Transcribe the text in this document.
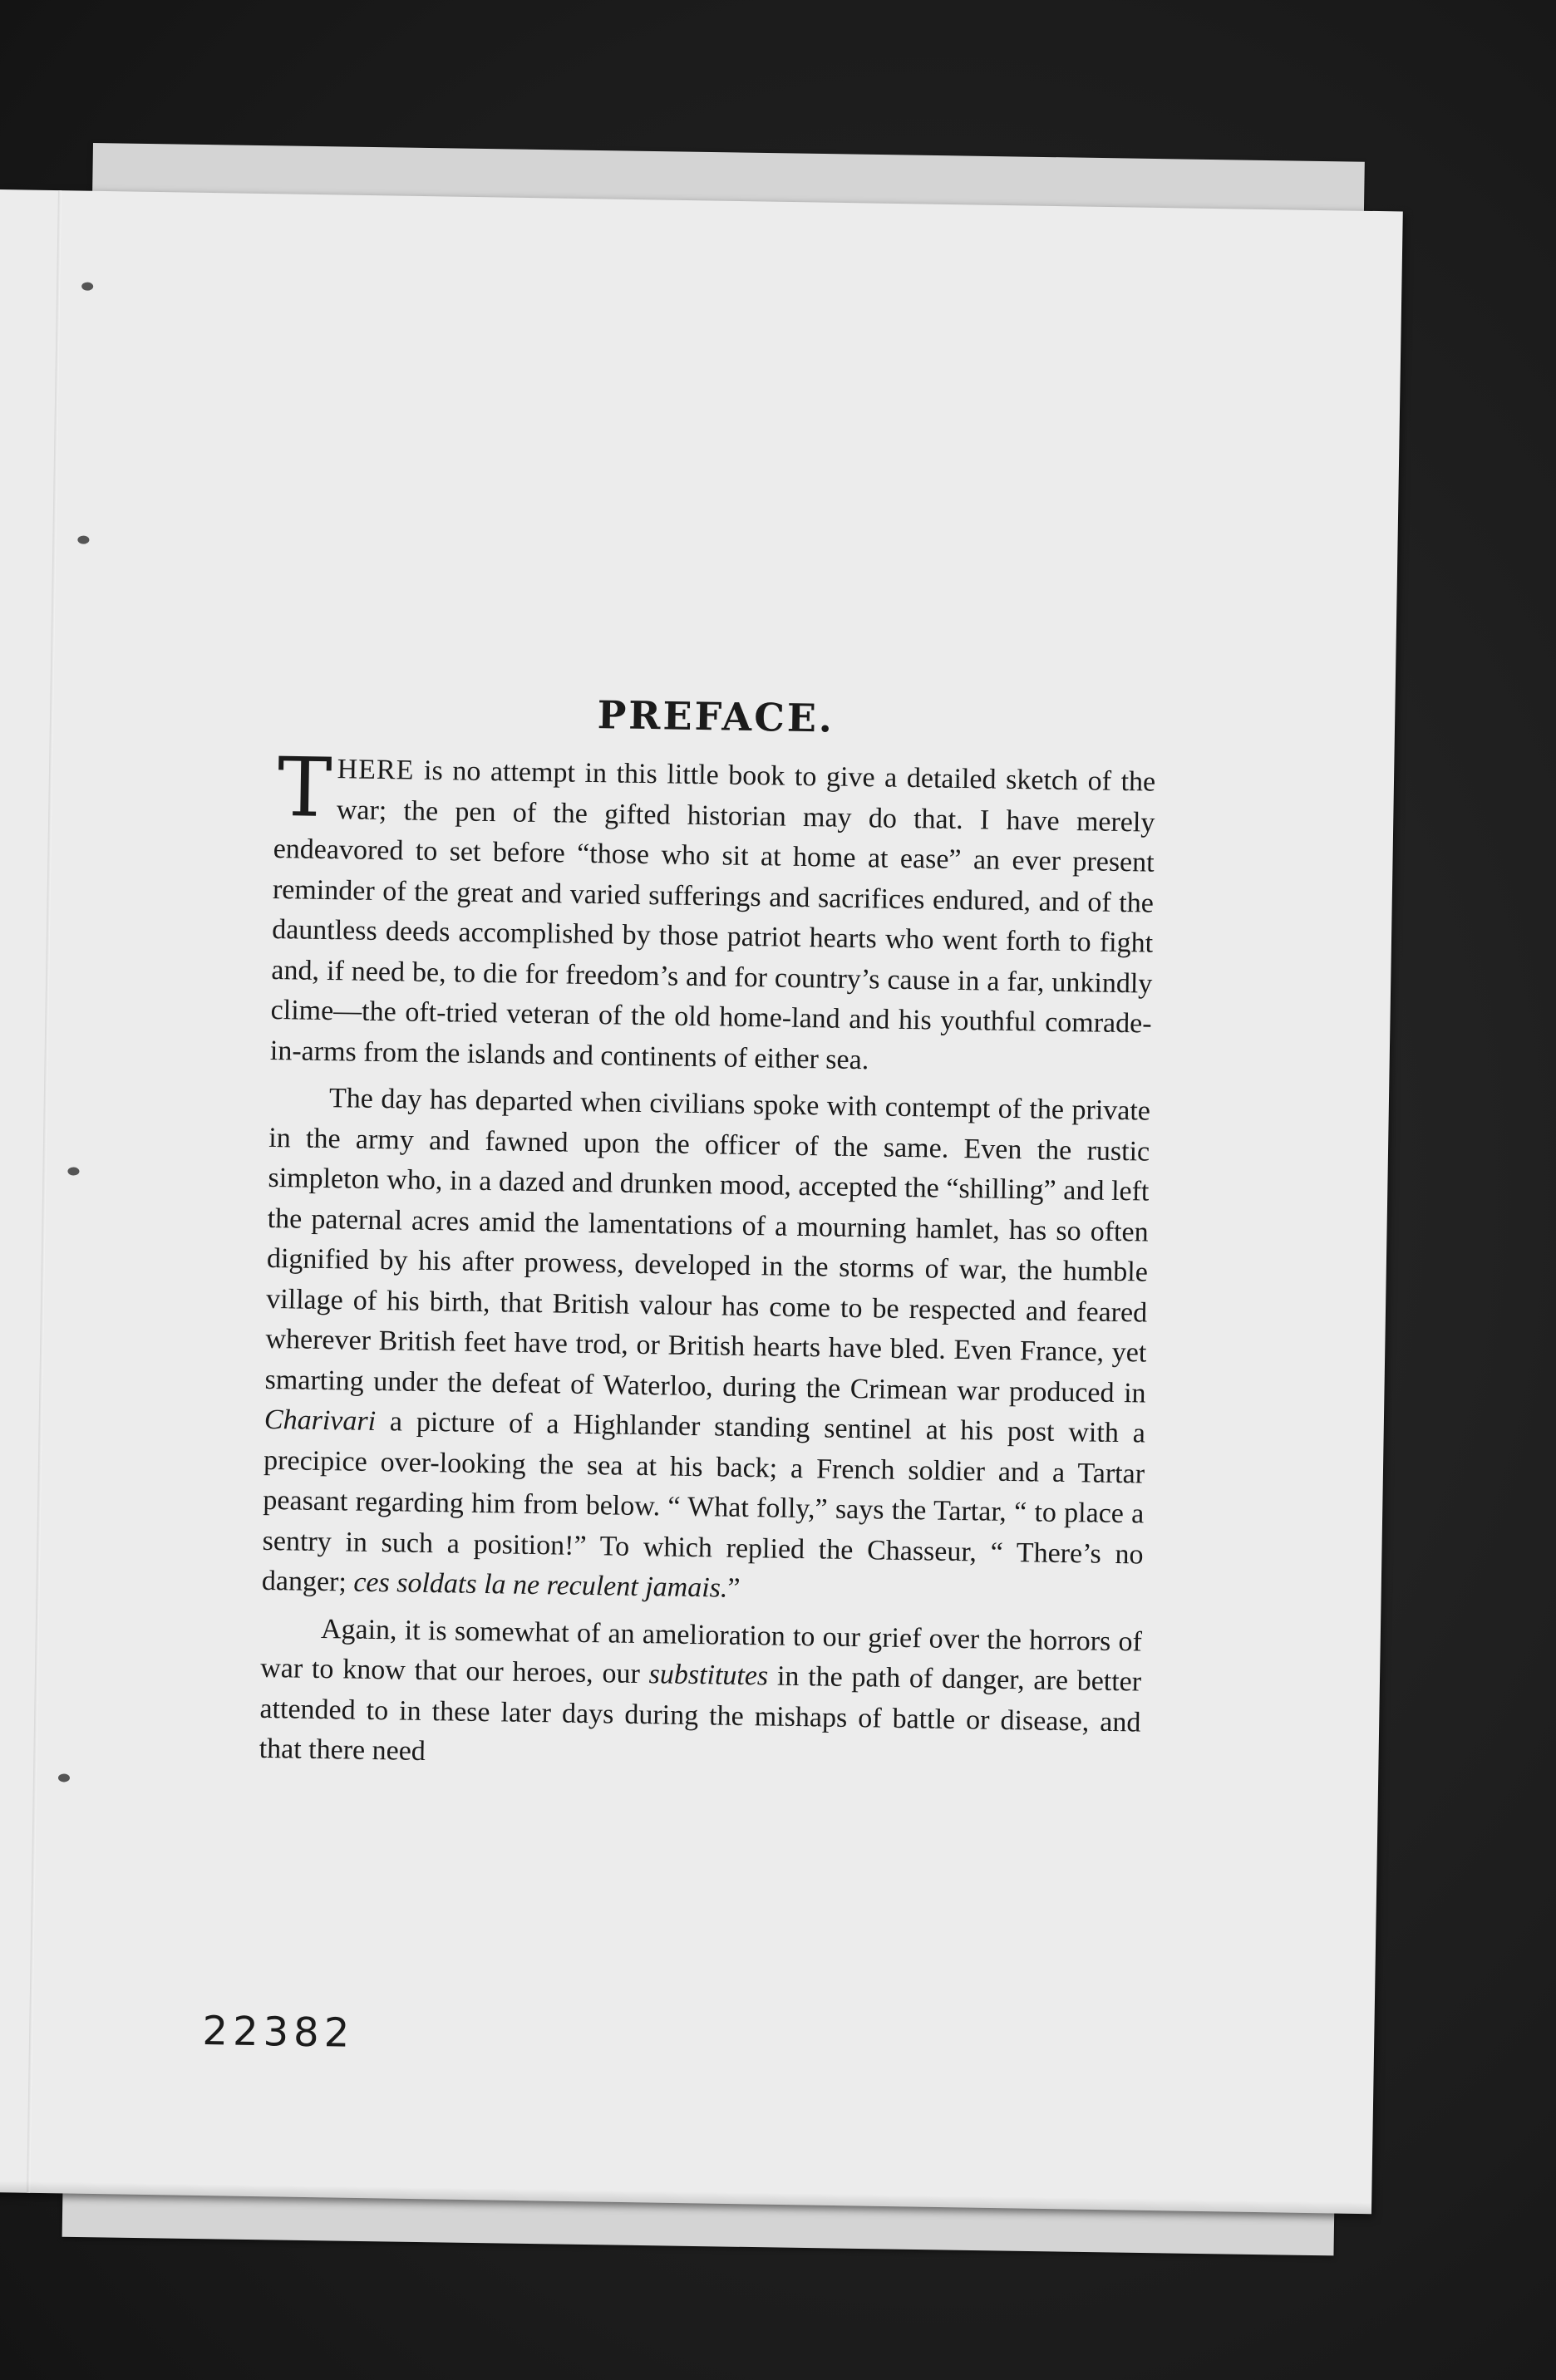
PREFACE.

THERE is no attempt in this little book to give a detailed sketch of the war; the pen of the gifted historian may do that. I have merely endeavored to set before “those who sit at home at ease” an ever present reminder of the great and varied sufferings and sacrifices endured, and of the dauntless deeds accomplished by those patriot hearts who went forth to fight and, if need be, to die for freedom’s and for country’s cause in a far, unkindly clime—the oft-tried veteran of the old home-land and his youthful comrade-in-arms from the islands and continents of either sea.

The day has departed when civilians spoke with contempt of the private in the army and fawned upon the officer of the same. Even the rustic simpleton who, in a dazed and drunken mood, accepted the “shilling” and left the paternal acres amid the lamentations of a mourning hamlet, has so often dignified by his after prowess, developed in the storms of war, the humble village of his birth, that British valour has come to be respected and feared wherever British feet have trod, or British hearts have bled. Even France, yet smarting under the defeat of Waterloo, during the Crimean war produced in Charivari a picture of a Highlander standing sentinel at his post with a precipice over-looking the sea at his back; a French soldier and a Tartar peasant regarding him from below. “ What folly,” says the Tartar, “ to place a sentry in such a position!” To which replied the Chasseur, “ There’s no danger; ces soldats la ne reculent jamais.”

Again, it is somewhat of an amelioration to our grief over the horrors of war to know that our heroes, our substitutes in the path of danger, are better attended to in these later days during the mishaps of battle or disease, and that there need

22382
